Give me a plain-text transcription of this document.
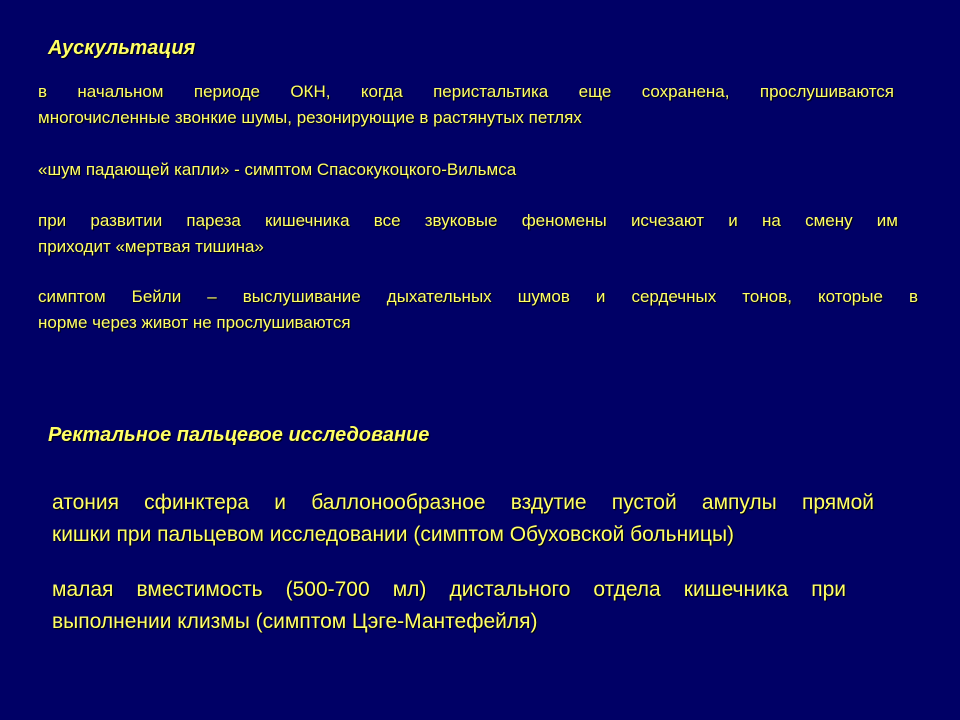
Аускультация

в начальном периоде ОКН, когда перистальтика еще сохранена, прослушиваются
многочисленные звонкие шумы, резонирующие в растянутых петлях

«шум падающей капли» - симптом Спасокукоцкого-Вильмса

при развитии пареза кишечника все звуковые феномены исчезают и на смену им
приходит «мертвая тишина»

симптом Бейли – выслушивание дыхательных шумов и сердечных тонов, которые в
норме через живот не прослушиваются

Ректальное пальцевое исследование

атония сфинктера и баллонообразное вздутие пустой ампулы прямой
кишки при пальцевом исследовании (симптом Обуховской больницы)

малая вместимость (500-700 мл) дистального отдела кишечника при
выполнении клизмы (симптом Цэге-Мантефейля)
